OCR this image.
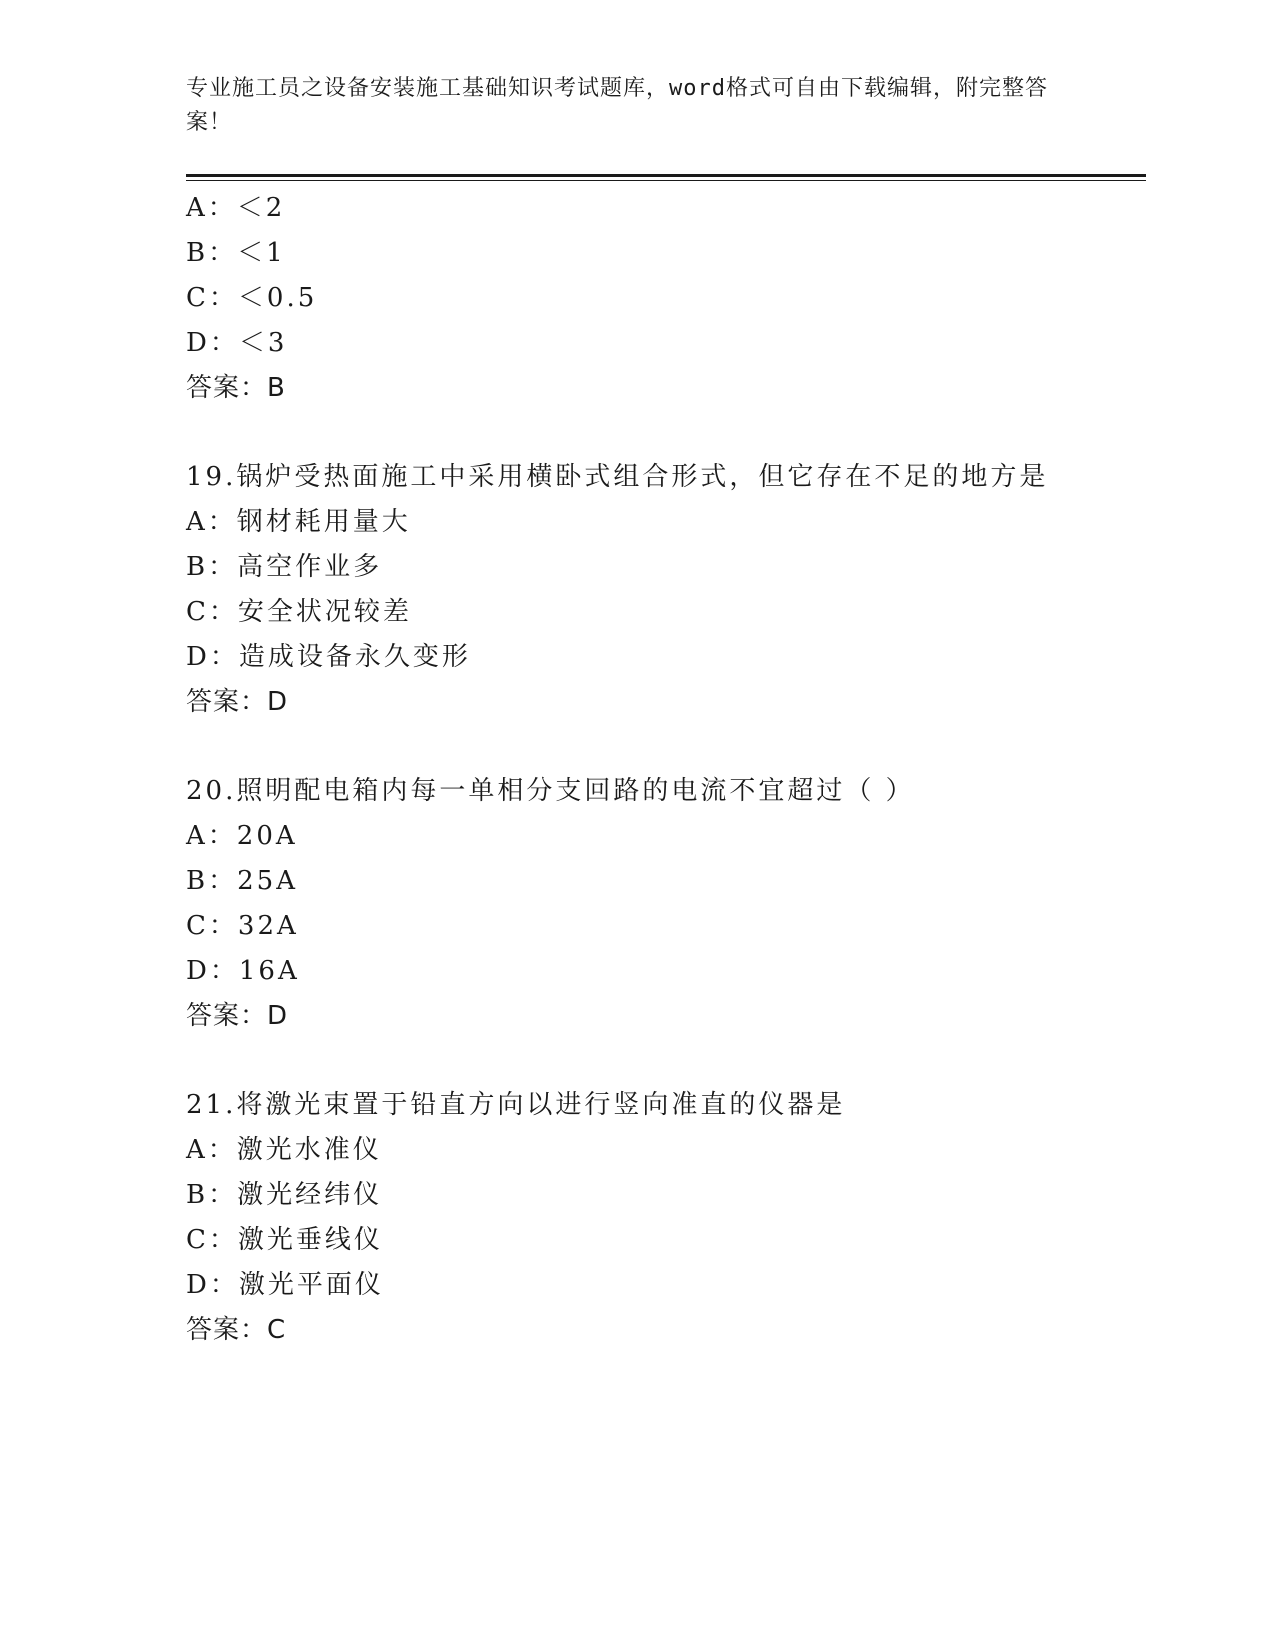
专业施工员之设备安装施工基础知识考试题库，word格式可自由下载编辑，附完整答案！
A：＜2
B：＜1
C：＜0.5
D：＜3
答案：B
19.锅炉受热面施工中采用横卧式组合形式，但它存在不足的地方是
A：钢材耗用量大
B：高空作业多
C：安全状况较差
D：造成设备永久变形
答案：D
20.照明配电箱内每一单相分支回路的电流不宜超过（ ）
A：20A
B：25A
C：32A
D：16A
答案：D
21.将激光束置于铅直方向以进行竖向准直的仪器是
A：激光水准仪
B：激光经纬仪
C：激光垂线仪
D：激光平面仪
答案：C
